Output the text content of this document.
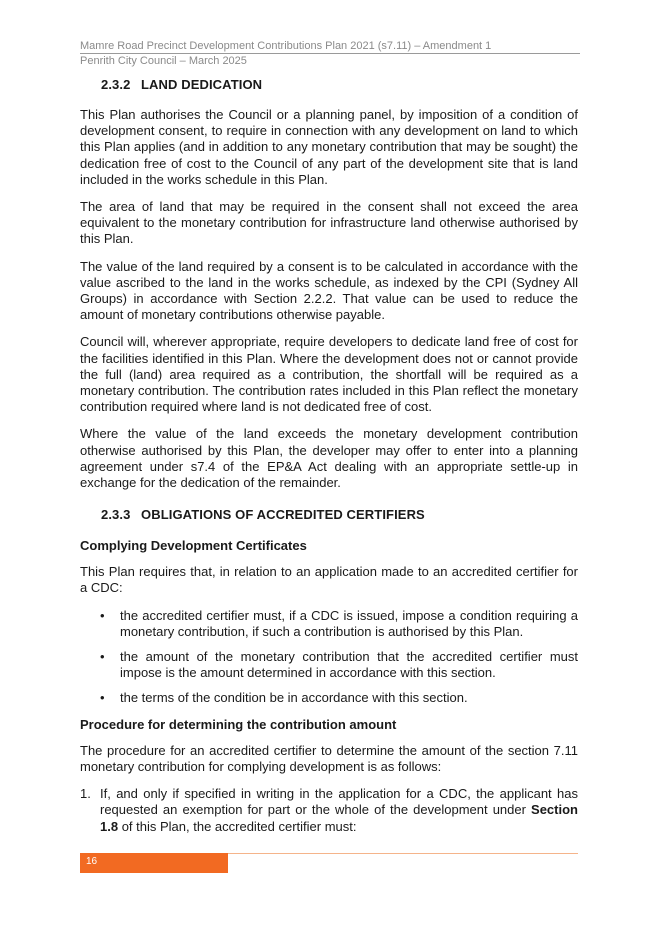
Mamre Road Precinct Development Contributions Plan 2021 (s7.11) – Amendment 1
Penrith City Council – March 2025
2.3.2 LAND DEDICATION

This Plan authorises the Council or a planning panel, by imposition of a condition of development consent, to require in connection with any development on land to which this Plan applies (and in addition to any monetary contribution that may be sought) the dedication free of cost to the Council of any part of the development site that is land included in the works schedule in this Plan.

The area of land that may be required in the consent shall not exceed the area equivalent to the monetary contribution for infrastructure land otherwise authorised by this Plan.

The value of the land required by a consent is to be calculated in accordance with the value ascribed to the land in the works schedule, as indexed by the CPI (Sydney All Groups) in accordance with Section 2.2.2. That value can be used to reduce the amount of monetary contributions otherwise payable.

Council will, wherever appropriate, require developers to dedicate land free of cost for the facilities identified in this Plan. Where the development does not or cannot provide the full (land) area required as a contribution, the shortfall will be required as a monetary contribution. The contribution rates included in this Plan reflect the monetary contribution required where land is not dedicated free of cost.

Where the value of the land exceeds the monetary development contribution otherwise authorised by this Plan, the developer may offer to enter into a planning agreement under s7.4 of the EP&A Act dealing with an appropriate settle-up in exchange for the dedication of the remainder.

2.3.3 OBLIGATIONS OF ACCREDITED CERTIFIERS
Complying Development Certificates

This Plan requires that, in relation to an application made to an accredited certifier for a CDC:

• the accredited certifier must, if a CDC is issued, impose a condition requiring a monetary contribution, if such a contribution is authorised by this Plan.
• the amount of the monetary contribution that the accredited certifier must impose is the amount determined in accordance with this section.
• the terms of the condition be in accordance with this section.
Procedure for determining the contribution amount

The procedure for an accredited certifier to determine the amount of the section 7.11 monetary contribution for complying development is as follows:

1. If, and only if specified in writing in the application for a CDC, the applicant has requested an exemption for part or the whole of the development under Section 1.8 of this Plan, the accredited certifier must:
16
